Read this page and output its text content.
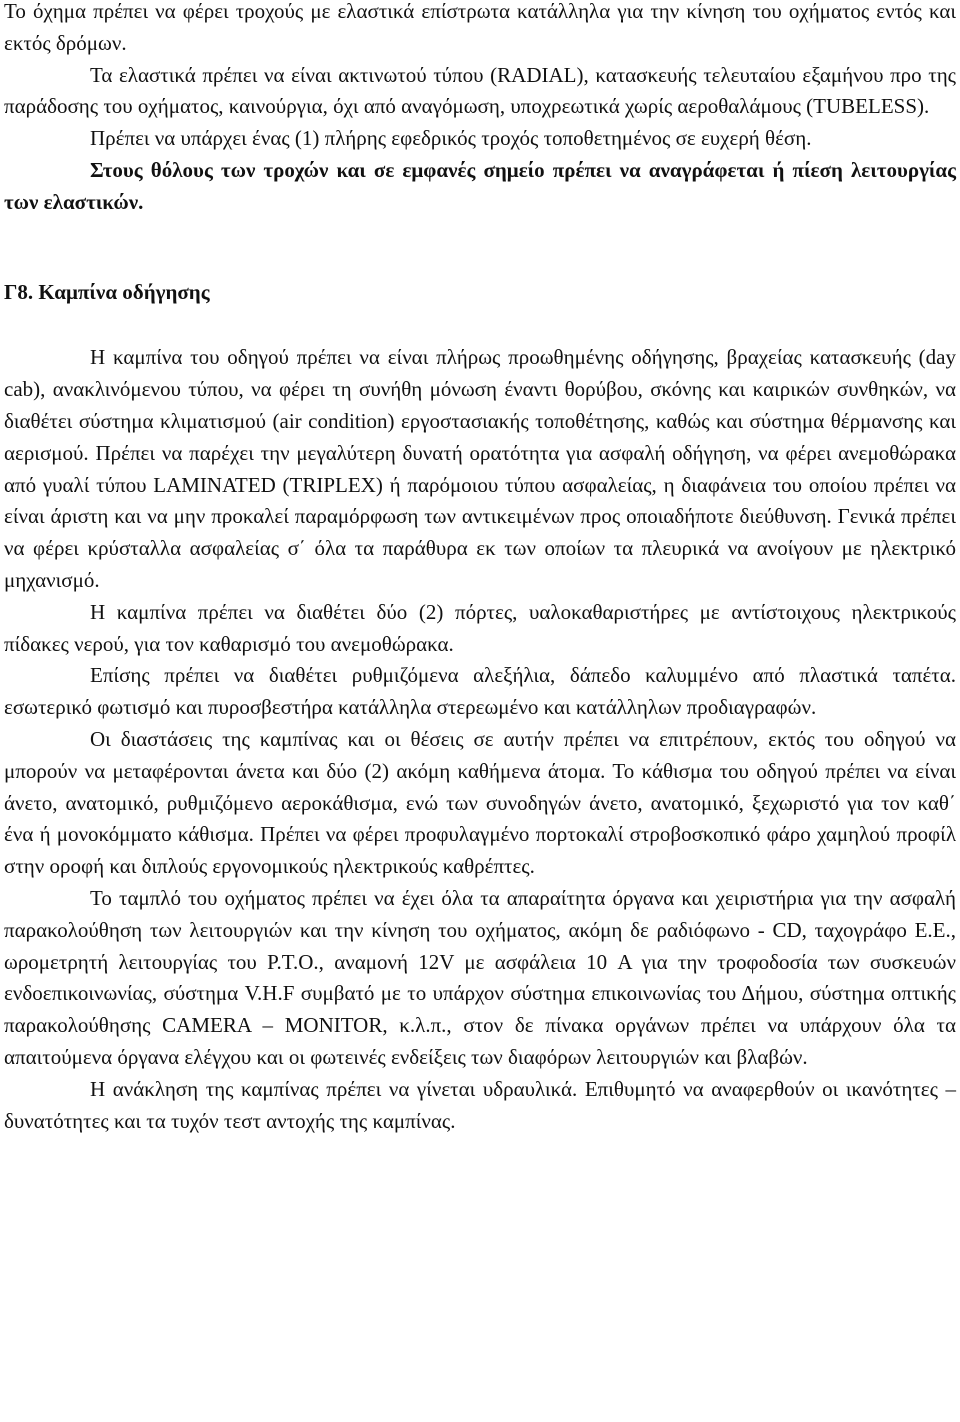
Το όχημα πρέπει να φέρει τροχούς με ελαστικά επίστρωτα κατάλληλα για την κίνηση του οχήματος εντός και εκτός δρόμων.

Τα ελαστικά πρέπει να είναι ακτινωτού τύπου (RADIAL), κατασκευής τελευταίου εξαμήνου προ της παράδοσης του οχήματος, καινούργια, όχι από αναγόμωση, υποχρεωτικά χωρίς αεροθαλάμους (TUBELESS).

Πρέπει να υπάρχει ένας (1) πλήρης εφεδρικός τροχός τοποθετημένος σε ευχερή θέση.

Στους θόλους των τροχών και σε εμφανές σημείο πρέπει να αναγράφεται ή πίεση λειτουργίας των ελαστικών.

Γ8. Καμπίνα οδήγησης

Η καμπίνα του οδηγού πρέπει να είναι πλήρως προωθημένης οδήγησης, βραχείας κατασκευής (day cab), ανακλινόμενου τύπου, να φέρει τη συνήθη μόνωση έναντι θορύβου, σκόνης και καιρικών συνθηκών, να διαθέτει σύστημα κλιματισμού (air condition) εργοστασιακής τοποθέτησης, καθώς και σύστημα θέρμανσης και αερισμού. Πρέπει να παρέχει την μεγαλύτερη δυνατή ορατότητα για ασφαλή οδήγηση, να φέρει ανεμοθώρακα από γυαλί τύπου LAMINATED (TRIPLEX) ή παρόμοιου τύπου ασφαλείας, η διαφάνεια του οποίου πρέπει να είναι άριστη και να μην προκαλεί παραμόρφωση των αντικειμένων προς οποιαδήποτε διεύθυνση. Γενικά πρέπει να φέρει κρύσταλλα ασφαλείας σ΄ όλα τα παράθυρα εκ των οποίων τα πλευρικά να ανοίγουν με ηλεκτρικό μηχανισμό.

Η καμπίνα πρέπει να διαθέτει δύο (2) πόρτες, υαλοκαθαριστήρες με αντίστοιχους ηλεκτρικούς πίδακες νερού, για τον καθαρισμό του ανεμοθώρακα.

Επίσης πρέπει να διαθέτει ρυθμιζόμενα αλεξήλια, δάπεδο καλυμμένο από πλαστικά ταπέτα. εσωτερικό φωτισμό και πυροσβεστήρα κατάλληλα στερεωμένο και κατάλληλων προδιαγραφών.

Οι διαστάσεις της καμπίνας και οι θέσεις σε αυτήν πρέπει να επιτρέπουν, εκτός του οδηγού να μπορούν να μεταφέρονται άνετα και δύο (2) ακόμη καθήμενα άτομα. Το κάθισμα του οδηγού πρέπει να είναι άνετο, ανατομικό, ρυθμιζόμενο αεροκάθισμα, ενώ των συνοδηγών άνετο, ανατομικό, ξεχωριστό για τον καθ΄ ένα ή μονοκόμματο κάθισμα. Πρέπει να φέρει προφυλαγμένο πορτοκαλί στροβοσκοπικό φάρο χαμηλού προφίλ στην οροφή και διπλούς εργονομικούς ηλεκτρικούς καθρέπτες.

Το ταμπλό του οχήματος πρέπει να έχει όλα τα απαραίτητα όργανα και χειριστήρια για την ασφαλή παρακολούθηση των λειτουργιών και την κίνηση του οχήματος, ακόμη δε ραδιόφωνο - CD, ταχογράφο Ε.Ε., ωρομετρητή λειτουργίας του Ρ.Τ.Ο., αναμονή 12V με ασφάλεια 10 A για την τροφοδοσία των συσκευών ενδοεπικοινωνίας, σύστημα V.H.F συμβατό με το υπάρχον σύστημα επικοινωνίας του Δήμου, σύστημα οπτικής παρακολούθησης CAMERA – MONITOR, κ.λ.π., στον δε πίνακα οργάνων πρέπει να υπάρχουν όλα τα απαιτούμενα όργανα ελέγχου και οι φωτεινές ενδείξεις των διαφόρων λειτουργιών και βλαβών.

Η ανάκληση της καμπίνας πρέπει να γίνεται υδραυλικά. Επιθυμητό να αναφερθούν οι ικανότητες – δυνατότητες και τα τυχόν τεστ αντοχής της καμπίνας.
